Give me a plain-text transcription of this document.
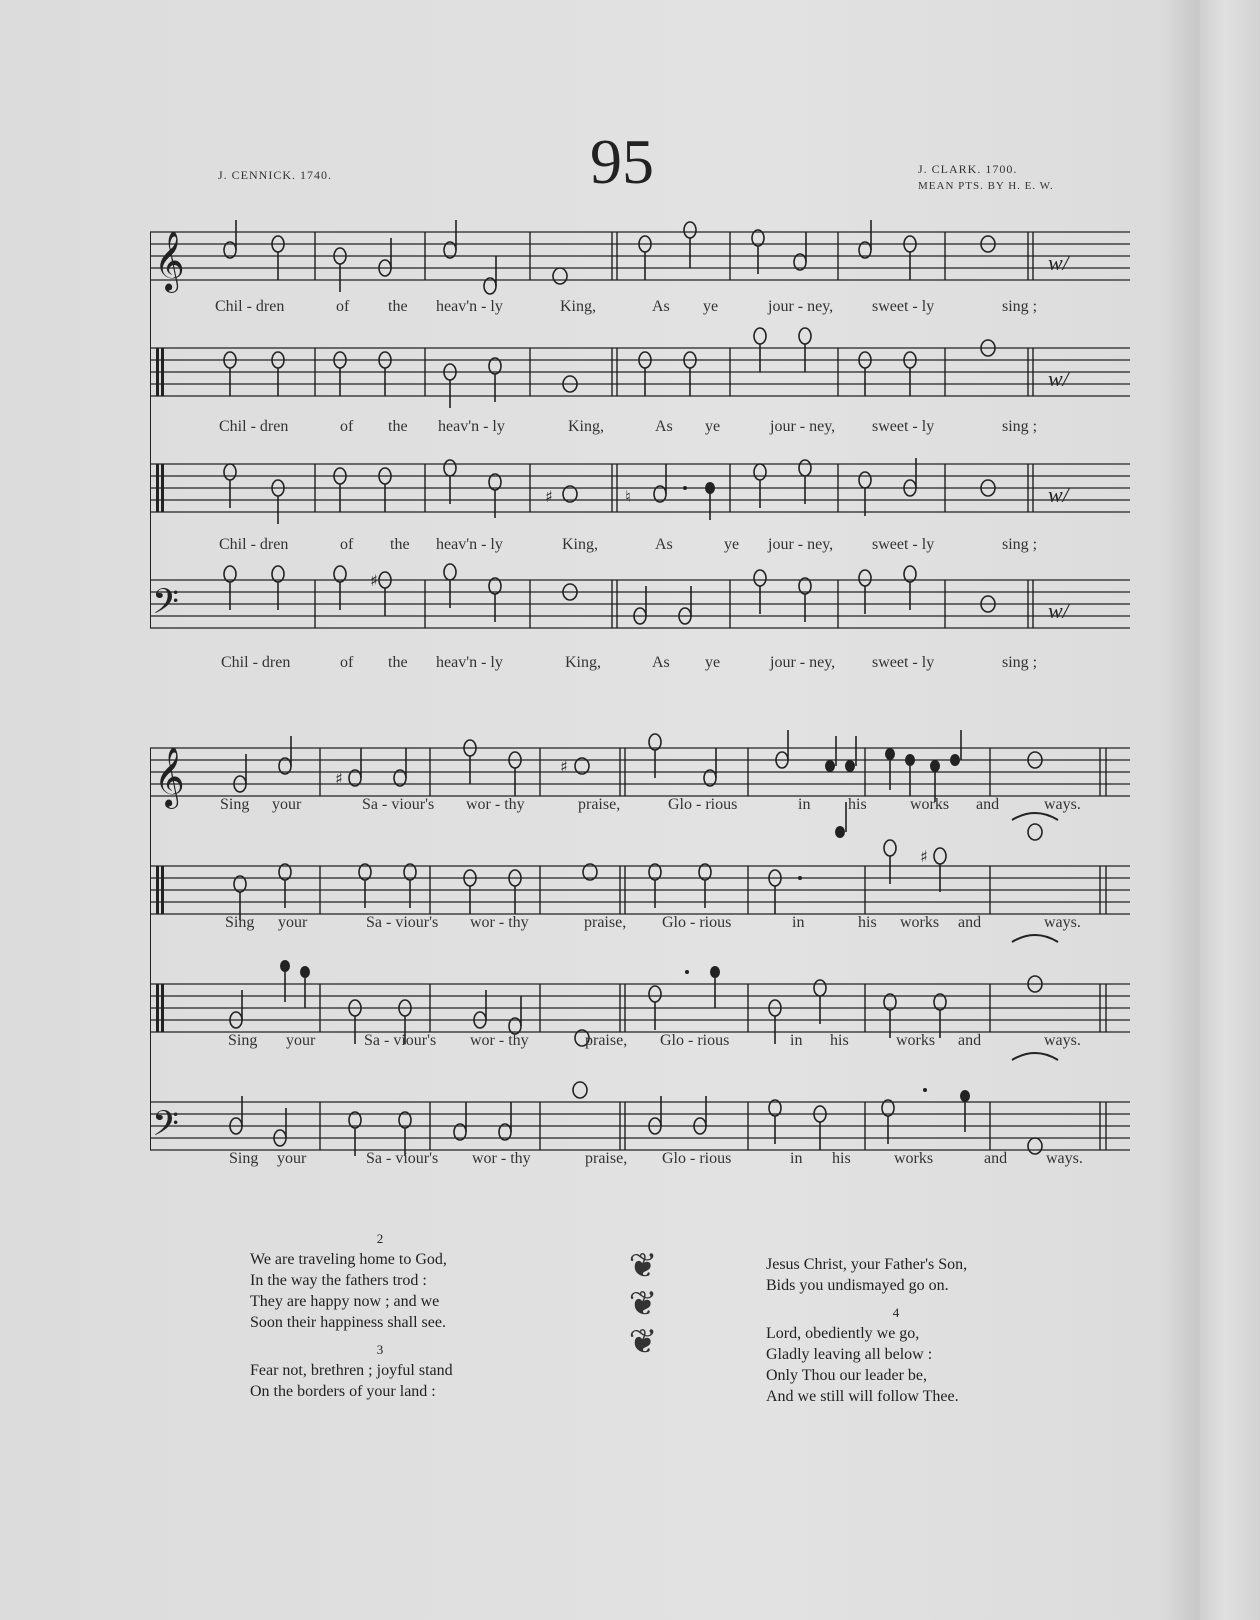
J. CENNICK. 1740.	95	J. CLARK. 1700.
MEAN PTS. BY H. E. W.
𝄞
𝄢
♯	♮
♯
w/
w/
w/
w/
Chil - dren	of the heav'n - ly	King,	As ye	jour - ney, sweet - ly	sing ;
Chil - dren	of the heav'n - ly	King,	As ye	jour - ney, sweet - ly	sing ;
Chil - dren	of the heav'n - ly	King,	As	ye jour - ney, sweet - ly	sing ;
Chil - dren	of the heav'n - ly	King,	As ye	jour - ney, sweet - ly	sing ;
𝄞
𝄢
♯
♯
♯
Sing your	Sa - viour's wor - thy	praise,	Glo - rious	in his	works and	ways.
Sing your	Sa - viour's wor - thy	praise, Glo - rious	in	his works and	ways.
Sing your	Sa - viour's wor - thy	praise, Glo - rious	in his	works and	ways.
Sing your	Sa - viour's wor - thy	praise, Glo - rious	in his	works	and ways.
2
We are traveling home to God,
In the way the fathers trod :
They are happy now ; and we
Soon their happiness shall see.
3
Fear not, brethren ; joyful stand
On the borders of your land :
❦
❦
❦
Jesus Christ, your Father's Son,
Bids you undismayed go on.
4
Lord, obediently we go,
Gladly leaving all below :
Only Thou our leader be,
And we still will follow Thee.
